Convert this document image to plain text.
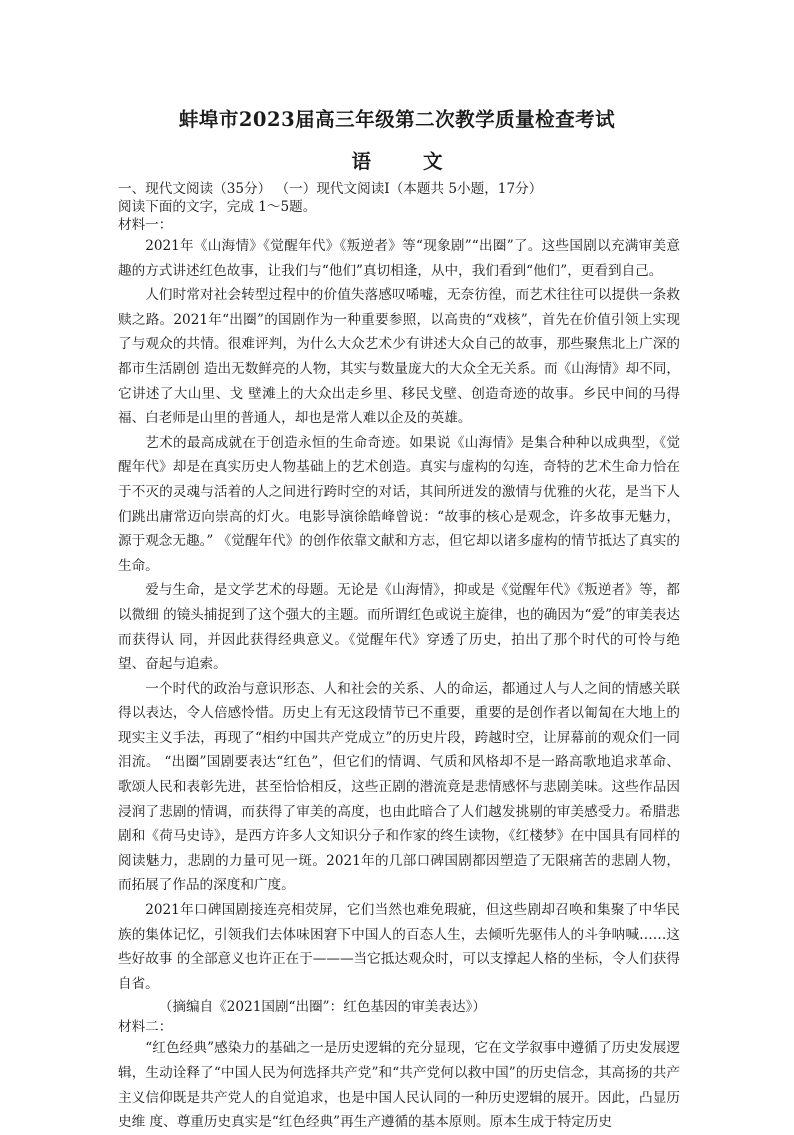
蚌埠市2023届高三年级第二次教学质量检查考试
语	文

一、现代文阅读（35分） （一）现代文阅读Ⅰ（本题共 5小题，17分）

阅读下面的文字，完成 1～5题。

材料一：

2021年《山海情》《觉醒年代》《叛逆者》等“现象剧”“出圈”了。这些国剧以充满审美意趣的方式讲述红色故事，让我们与“他们”真切相逢，从中，我们看到“他们”，更看到自己。

人们时常对社会转型过程中的价值失落感叹唏嘘，无奈彷徨，而艺术往往可以提供一条救赎之路。2021年“出圈”的国剧作为一种重要参照，以高贵的“戏核”，首先在价值引领上实现了与观众的共情。很难评判，为什么大众艺术少有讲述大众自己的故事，那些聚焦北上广深的都市生活剧创 造出无数鲜亮的人物，其实与数量庞大的大众全无关系。而《山海情》却不同，它讲述了大山里、戈 壁滩上的大众出走乡里、移民戈壁、创造奇迹的故事。乡民中间的马得福、白老师是山里的普通人，却也是常人难以企及的英雄。

艺术的最高成就在于创造永恒的生命奇迹。如果说《山海情》是集合种种以成典型，《觉醒年代》却是在真实历史人物基础上的艺术创造。真实与虚构的勾连，奇特的艺术生命力恰在于不灭的灵魂与活着的人之间进行跨时空的对话，其间所迸发的激情与优雅的火花，是当下人们跳出庸常迈向崇高的灯火。电影导演徐皓峰曾说：“故事的核心是观念，许多故事无魅力，源于观念无趣。” 《觉醒年代》的创作依靠文献和方志，但它却以诸多虚构的情节抵达了真实的生命。

爱与生命，是文学艺术的母题。无论是《山海情》，抑或是《觉醒年代》《叛逆者》等，都以微细 的镜头捕捉到了这个强大的主题。而所谓红色或说主旋律，也的确因为“爱”的审美表达而获得认 同，并因此获得经典意义。《觉醒年代》穿透了历史，拍出了那个时代的可怜与绝望、奋起与追索。

一个时代的政治与意识形态、人和社会的关系、人的命运，都通过人与人之间的情感关联得以表达，令人倍感怜惜。历史上有无这段情节已不重要，重要的是创作者以匍匐在大地上的现实主义手法，再现了“相约中国共产党成立”的历史片段，跨越时空，让屏幕前的观众们一同泪流。 “出圈”国剧要表达“红色”，但它们的情调、气质和风格却不是一路高歌地追求革命、歌颂人民和表彰先进，甚至恰恰相反，这些正剧的潜流竟是悲情感怀与悲剧美味。这些作品因浸润了悲剧的情调，而获得了审美的高度，也由此暗合了人们越发挑剔的审美感受力。希腊悲剧和《荷马史诗》，是西方许多人文知识分子和作家的终生读物，《红楼梦》在中国具有同样的阅读魅力，悲剧的力量可见一斑。2021年的几部口碑国剧都因塑造了无限痛苦的悲剧人物，而拓展了作品的深度和广度。

2021年口碑国剧接连亮相荧屏，它们当然也难免瑕疵，但这些剧却召唤和集聚了中华民族的集体记忆，引领我们去体味困窘下中国人的百态人生，去倾听先驱伟人的斗争呐喊……这些好故事 的全部意义也许正在于———当它抵达观众时，可以支撑起人格的坐标，令人们获得自省。

（摘编自《2021国剧“出圈”：红色基因的审美表达》）

材料二：

“红色经典”感染力的基础之一是历史逻辑的充分显现，它在文学叙事中遵循了历史发展逻辑，生动诠释了“中国人民为何选择共产党”和“共产党何以救中国”的历史信念，其高扬的共产主义信仰既是共产党人的自觉追求，也是中国人民认同的一种历史逻辑的展开。因此，凸显历史维 度、尊重历史真实是“红色经典”再生产遵循的基本原则。原本生成于特定历史
